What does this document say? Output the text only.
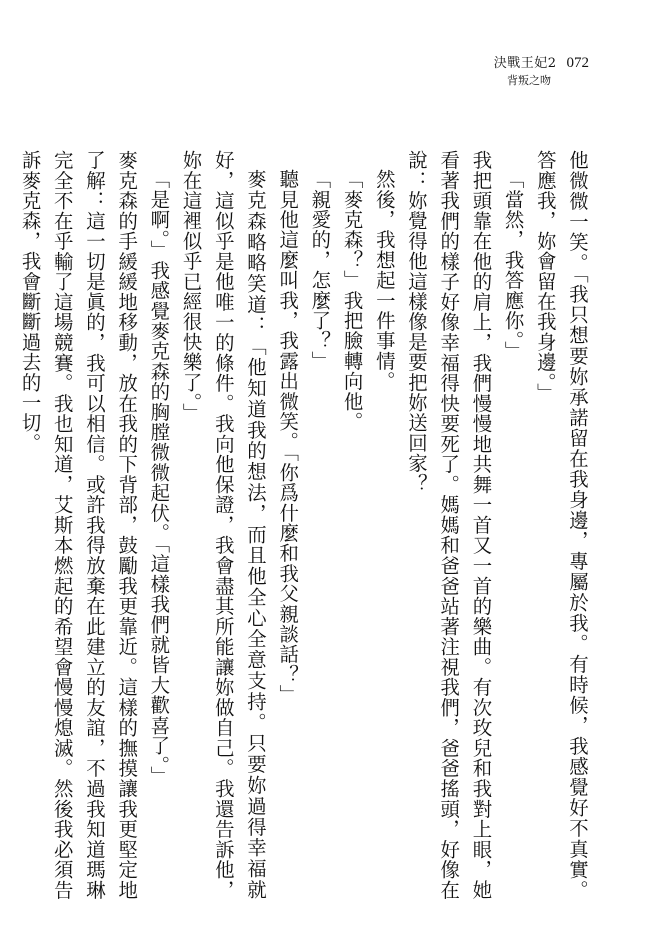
決戰王妃2 072
背叛之吻

他微微一笑。「我只想要妳承諾留在我身邊，專屬於我。有時候，我感覺好不真實。答應我，妳會留在我身邊。」

「當然，我答應你。」

我把頭靠在他的肩上，我們慢慢地共舞一首又一首的樂曲。有次玫兒和我對上眼，她看著我們的樣子好像幸福得快要死了。媽媽和爸爸站著注視我們，爸爸搖頭，好像在說：妳覺得他這樣像是要把妳送回家？

然後，我想起一件事情。

「麥克森？」我把臉轉向他。

「親愛的，怎麼了？」

聽見他這麼叫我，我露出微笑。「你爲什麼和我父親談話？」

麥克森略略笑道：「他知道我的想法，而且他全心全意支持。只要妳過得幸福就好，這似乎是他唯一的條件。我向他保證，我會盡其所能讓妳做自己。我還告訴他，妳在這裡似乎已經很快樂了。」

「是啊。」我感覺麥克森的胸膛微微起伏。「這樣我們就皆大歡喜了。」

麥克森的手緩緩地移動，放在我的下背部，鼓勵我更靠近。這樣的撫摸讓我更堅定地了解：這一切是眞的，我可以相信。或許我得放棄在此建立的友誼，不過我知道瑪琳完全不在乎輸了這場競賽。我也知道，艾斯本燃起的希望會慢慢熄滅。然後我必須告訴麥克森，我會斷斷過去的一切。
